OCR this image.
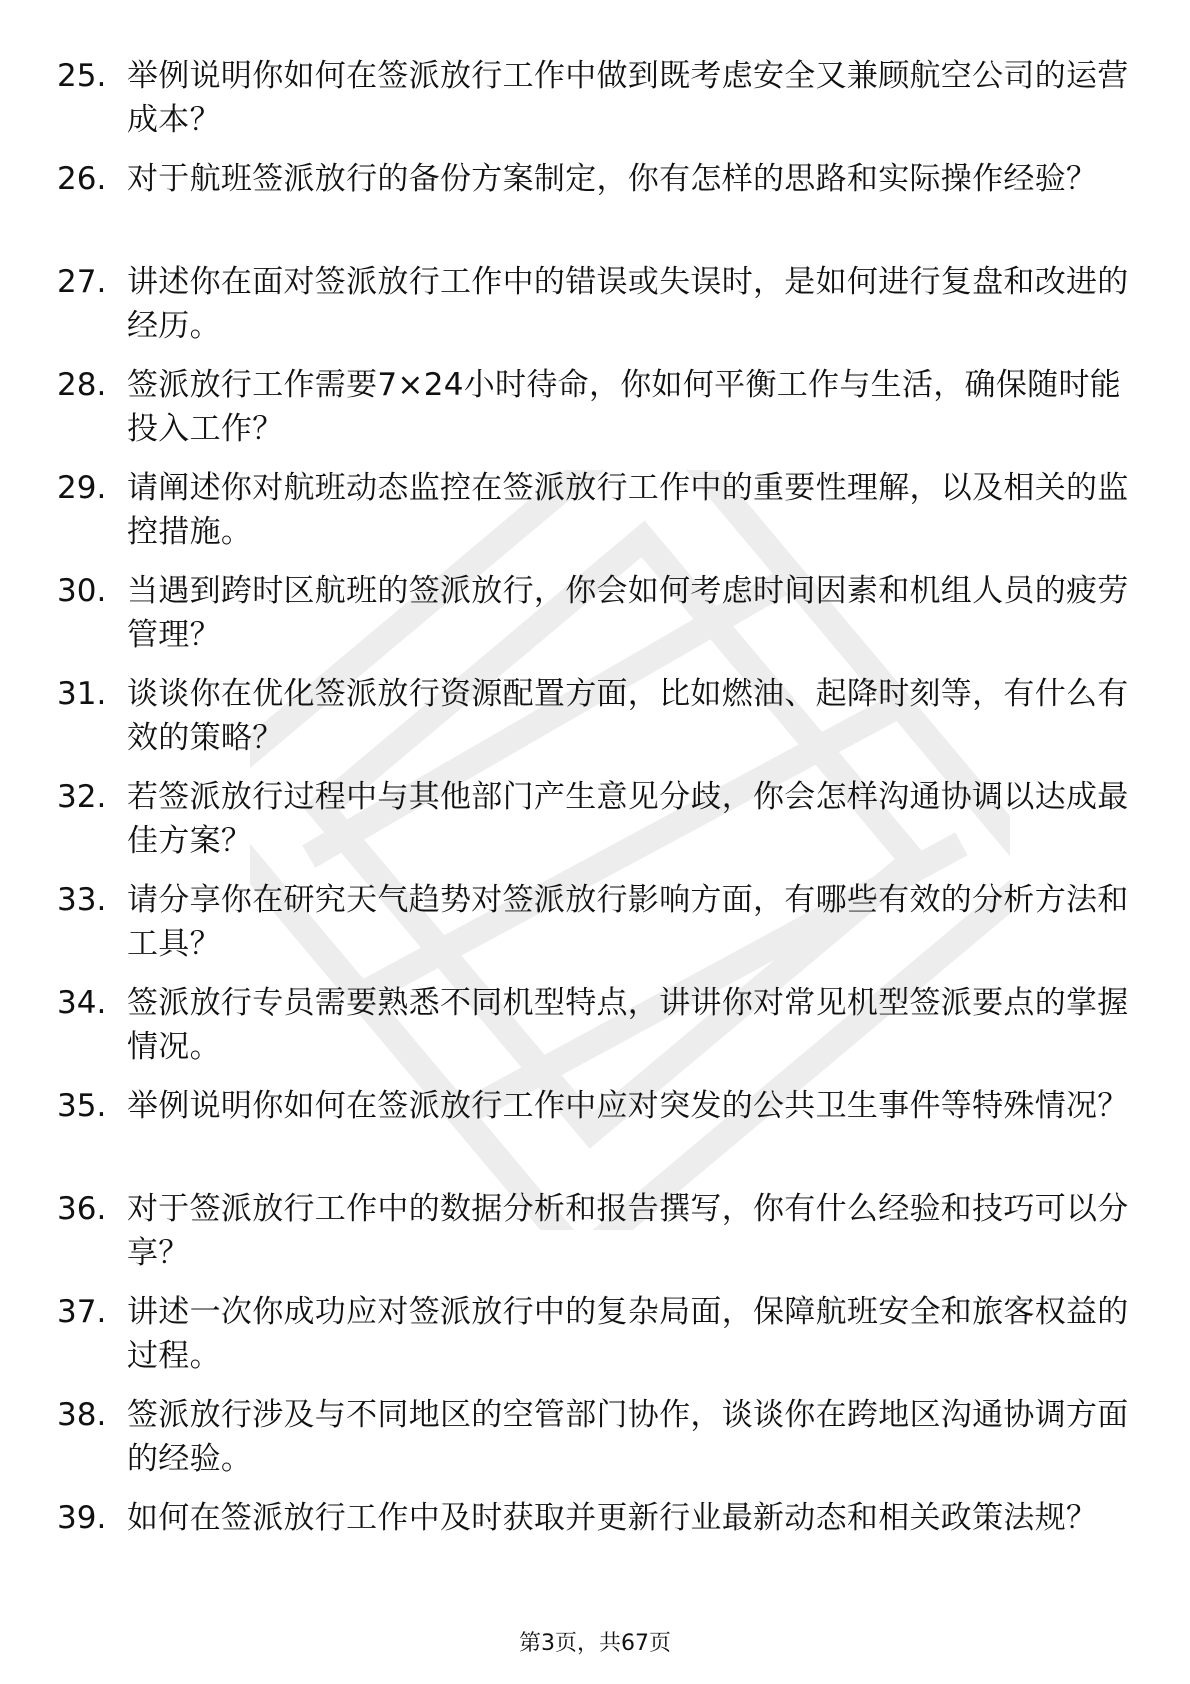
25. 举例说明你如何在签派放行工作中做到既考虑安全又兼顾航空公司的运营成本？
26. 对于航班签派放行的备份方案制定，你有怎样的思路和实际操作经验？
27. 讲述你在面对签派放行工作中的错误或失误时，是如何进行复盘和改进的经历。
28. 签派放行工作需要7×24小时待命，你如何平衡工作与生活，确保随时能投入工作？
29. 请阐述你对航班动态监控在签派放行工作中的重要性理解，以及相关的监控措施。
30. 当遇到跨时区航班的签派放行，你会如何考虑时间因素和机组人员的疲劳管理？
31. 谈谈你在优化签派放行资源配置方面，比如燃油、起降时刻等，有什么有效的策略？
32. 若签派放行过程中与其他部门产生意见分歧，你会怎样沟通协调以达成最佳方案？
33. 请分享你在研究天气趋势对签派放行影响方面，有哪些有效的分析方法和工具？
34. 签派放行专员需要熟悉不同机型特点，讲讲你对常见机型签派要点的掌握情况。
35. 举例说明你如何在签派放行工作中应对突发的公共卫生事件等特殊情况？
36. 对于签派放行工作中的数据分析和报告撰写，你有什么经验和技巧可以分享？
37. 讲述一次你成功应对签派放行中的复杂局面，保障航班安全和旅客权益的过程。
38. 签派放行涉及与不同地区的空管部门协作，谈谈你在跨地区沟通协调方面的经验。
39. 如何在签派放行工作中及时获取并更新行业最新动态和相关政策法规？
第3页，共67页
